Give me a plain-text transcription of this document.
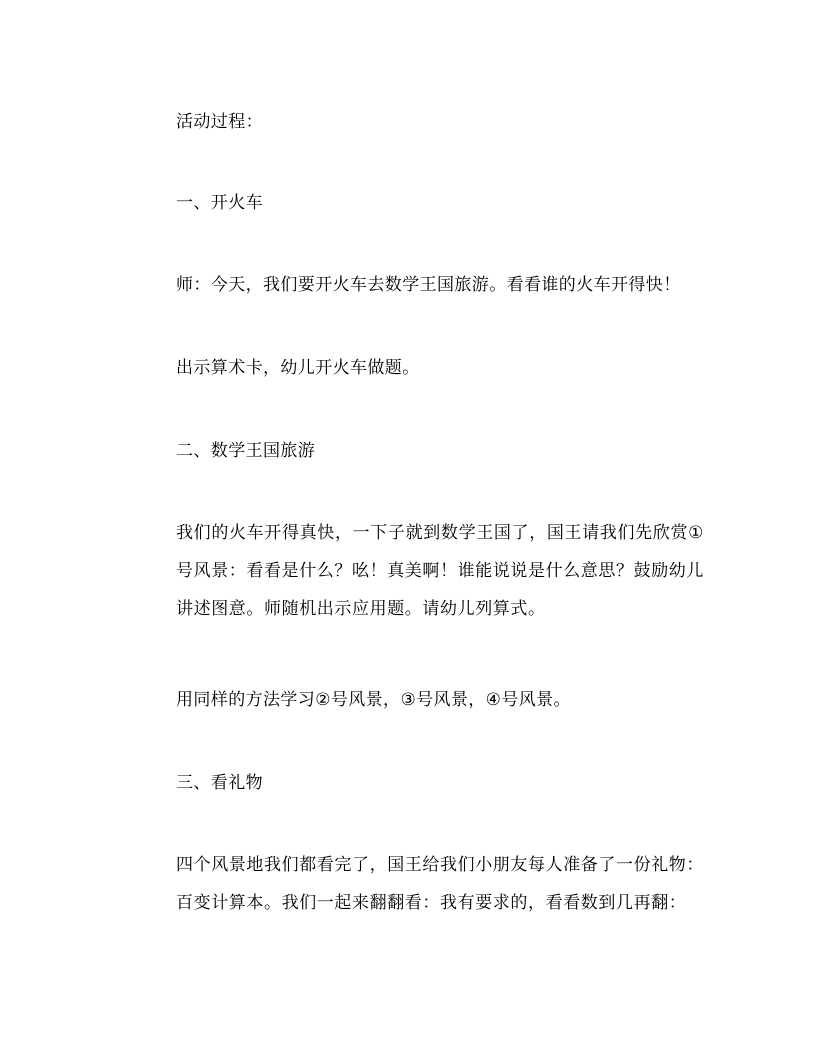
活动过程：
一、开火车
师：今天，我们要开火车去数学王国旅游。看看谁的火车开得快！
出示算术卡，幼儿开火车做题。
二、数学王国旅游
我们的火车开得真快，一下子就到数学王国了，国王请我们先欣赏①号风景：看看是什么？吆！真美啊！谁能说说是什么意思？鼓励幼儿讲述图意。师随机出示应用题。请幼儿列算式。
用同样的方法学习②号风景，③号风景，④号风景。
三、看礼物
四个风景地我们都看完了，国王给我们小朋友每人准备了一份礼物：百变计算本。我们一起来翻翻看：我有要求的，看看数到几再翻：
